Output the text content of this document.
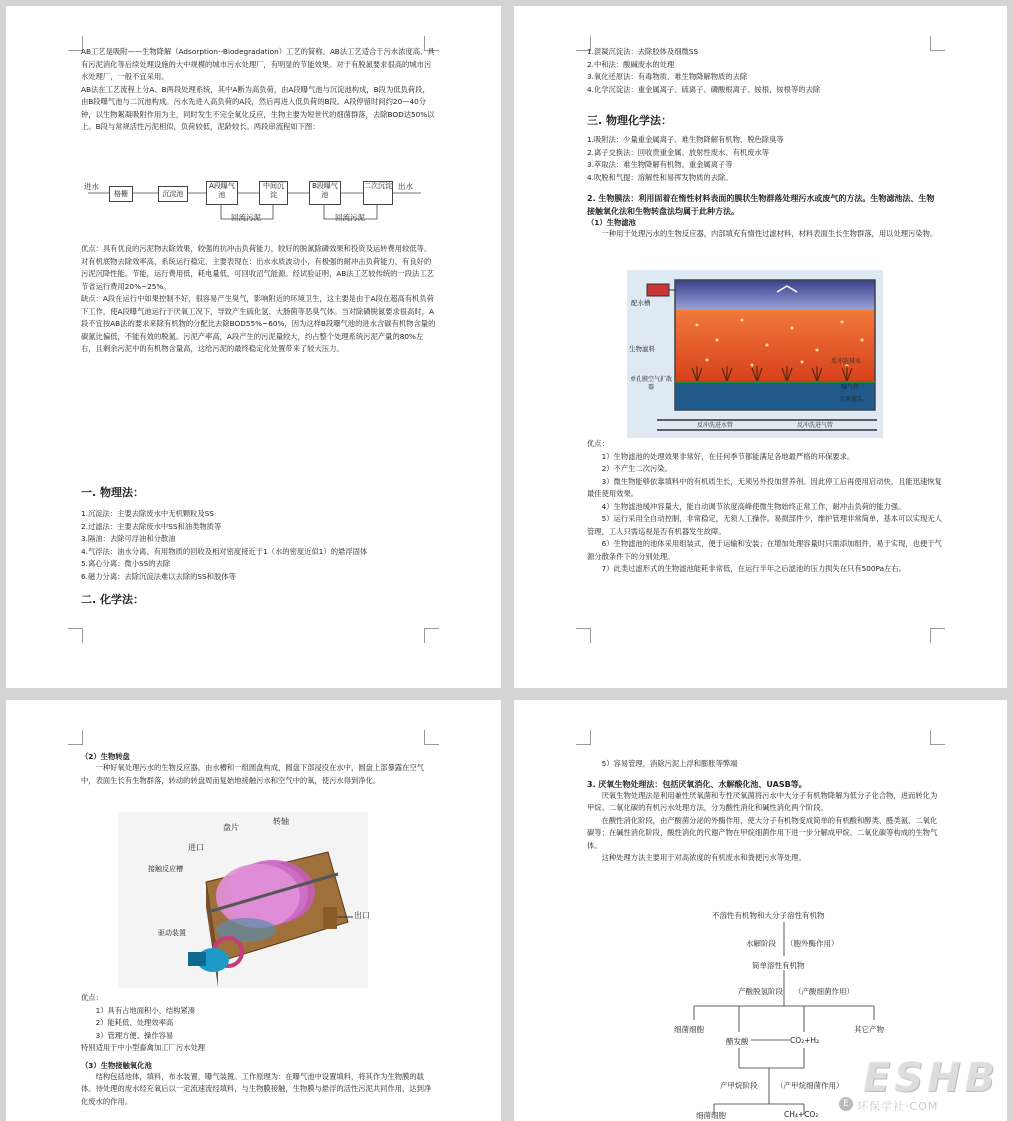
AB工艺是吸附——生物降解（Adsorption--Biodegradation）工艺的简称。AB法工艺适合于污水浓度高、具有污泥消化等后续处理设施的大中规模的城市污水处理厂，有明显的节能效果。对于有脱氮要求很高的城市污水处理厂，一般不宜采用。

AB法在工艺流程上分A、B两段处理系统，其中A断为高负荷，由A段曝气池与沉淀池构成，B段为低负荷段，由B段曝气池与二沉池构成。污水先进入高负荷的A段，然后再进入低负荷的B段。A段停留时间约20—40分钟，以生物絮凝吸附作用为主，同时发生不完全氧化反应，生物主要为短世代的细菌群落，去除BOD达50%以上。B段与常规活性污泥相似，负荷较低，泥龄较长。两段串流程如下图：

进水
格栅	沉淀池
A段曝气池
中间沉淀
B段曝气池
二次沉淀 出水
回流污泥	回流污泥

优点：具有优良的污泥物去除效果，较强的抗冲击负荷能力，较好的脱氮除磷效果和投资及运转费用较低等。对有机底物去除效率高，系统运行稳定，主要表现在：出水水质波动小，有极强的耐冲击负荷能力，有良好的污泥沉降性能。节能，运行费用低，耗电量低，可回收沼气能源。经试验证明，AB法工艺较传统的一段法工艺节省运行费用20%~25%。

缺点：A段在运行中如果控制不好，很容易产生臭气，影响附近的环境卫生，这主要是由于A段在超高有机负荷下工作，使A段曝气池运行于厌氧工况下，导致产生硫化氢、大肠菌等恶臭气体。当对除磷脱氮要求很高时，A段不宜按AB法的要求来除有机物的分配比去除BOD55%~60%，因为这样B段曝气池的进水含碳有机物含量的碳氮比偏低，不能有效的脱氮。污泥产率高，A段产生的污泥量较大，约占整个处理系统污泥产量的80%左右，且剩余污泥中的有机物含量高，这给污泥的最终稳定化处置带来了较大压力。

一. 物理法：

1.沉淀法：主要去除废水中无机颗粒及SS

2.过滤法：主要去除废水中SS和油类物质等

3.隔油：去除可浮油和分散油

4.气浮法：油水分离、有用物质的回收及相对密度接近于1（水的密度近似1）的悬浮固体

5.离心分离：微小SS的去除

6.磁力分离：去除沉淀法难以去除的SS和胶体等

二. 化学法：

1.混凝沉淀法：去除胶体及细微SS

2.中和法：酸碱废水的处理

3.氧化还原法：有毒物质、难生物降解物质的去除

4.化学沉淀法：重金属离子、硫离子、磷酸根离子、铵根、铵根等的去除

三. 物理化学法：

1.吸附法：少量重金属离子、难生物降解有机物、脱色除臭等

2.离子交换法：回收贵重金属、放射性废水、有机废水等

3.萃取法：难生物降解有机物、重金属离子等

4.吹脱和气提：溶解性和易挥发物质的去除。

2. 生物膜法：利用固着在惰性材料表面的膜状生物群落处理污水或废气的方法。生物滤池法、生物接触氧化法和生物转盘法均属于此种方法。

（1）生物滤池

一种用于处理污水的生物反应器，内部填充有惰性过滤材料，材料表面生长生物群落，用以处理污染物。

配水槽
生物滤料
单孔膜空气扩散器
反冲洗排水
曝气管
专用滤头
反冲洗进水管	反冲洗进气管

优点：

1）生物滤池的处理效果非常好，在任何季节都能满足各地最严格的环保要求。

2）不产生二次污染。

3）微生物能够依靠填料中的有机质生长，无须另外投加营养剂。因此停工后再使用启动快，且能迅速恢复最佳使用效果。

4）生物滤池缓冲容量大，能自动调节浓度高峰使微生物始终正常工作，耐冲击负荷的能力强。

5）运行采用全自动控制，非常稳定，无须人工操作。易损部件少，维护管理非常简单，基本可以实现无人管理，工人只需巡视是否有机器发生故障。

6）生物滤池的池体采用组装式，便于运输和安装；在增加处理容量时只需添加组件，易于实现，也便于气源分散条件下的分别处理。

7）此类过滤形式的生物滤池能耗非常低，在运行半年之后滤池的压力损失在只有500Pa左右。

（2）生物转盘

一种好氧处理污水的生物反应器，由水槽和一组圆盘构成，圆盘下部浸没在水中，圆盘上部暴露在空气中，表面生长有生物群落，转动的转盘周而复始地接触污水和空气中的氧，使污水得到净化。

盘片
转轴
进口
接触反应槽
出口
驱动装置

优点：

1）具有占地面积小、结构紧凑

2）能耗低、处理效率高

3）管理方便、操作容易

特别适用于中小型畜禽加工厂污水处理

（3）生物接触氧化池

结构包括池体，填料，布水装置，曝气装置。工作原理为：在曝气池中设置填料，将其作为生物膜的载体。待处理的废水经充氧后以一定流速流经填料，与生物膜接触，生物膜与悬浮的活性污泥共同作用，达到净化废水的作用。

5）容易管理，消除污泥上浮和膨胀等弊端

3. 厌氧生物处理法：包括厌氧消化、水解酸化池、UASB等。

厌氧生物处理法是利用兼性厌氧菌和专性厌氧菌将污水中大分子有机物降解为低分子化合物，进而转化为甲烷、二氧化碳的有机污水处理方法，分为酸性消化和碱性消化两个阶段。

在酸性消化阶段，由产酸菌分泌的外酶作用，使大分子有机物变成简单的有机酸和醇类、醛类氨、二氧化碳等；在碱性消化阶段，酸性消化的代谢产物在甲烷细菌作用下进一步分解成甲烷、二氧化碳等构成的生物气体。

这种处理方法主要用于对高浓度的有机废水和粪便污水等处理。

不溶性有机物和大分子溶性有机物
水解阶段 （胞外酶作用）
简单溶性有机物
产酸脱氢阶段 （产酸细菌作用）
细菌细胞
醋发酸	CO₂+H₂
其它产物
产甲烷阶段 （产甲烷细菌作用）
细菌细胞	CH₄+CO₂
ESHB
E 环保学社·COM
